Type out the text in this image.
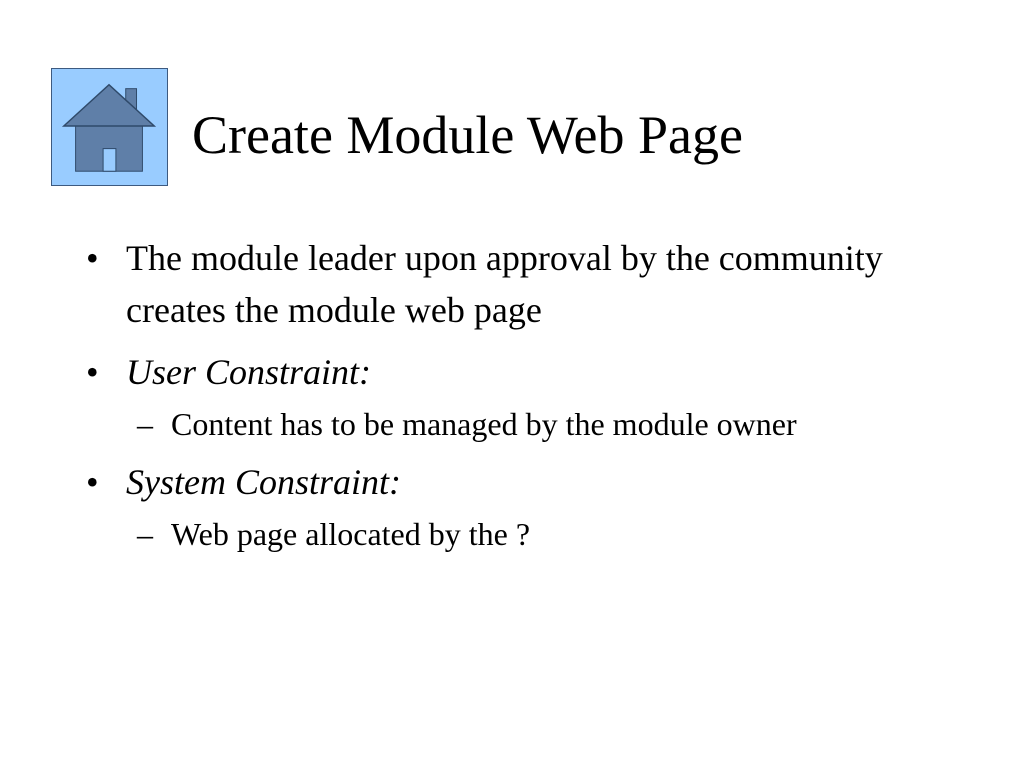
Create Module Web Page
• The module leader upon approval by the community creates the module web page
• User Constraint:
– Content has to be managed by the module owner
• System Constraint:
– Web page allocated by the ?
